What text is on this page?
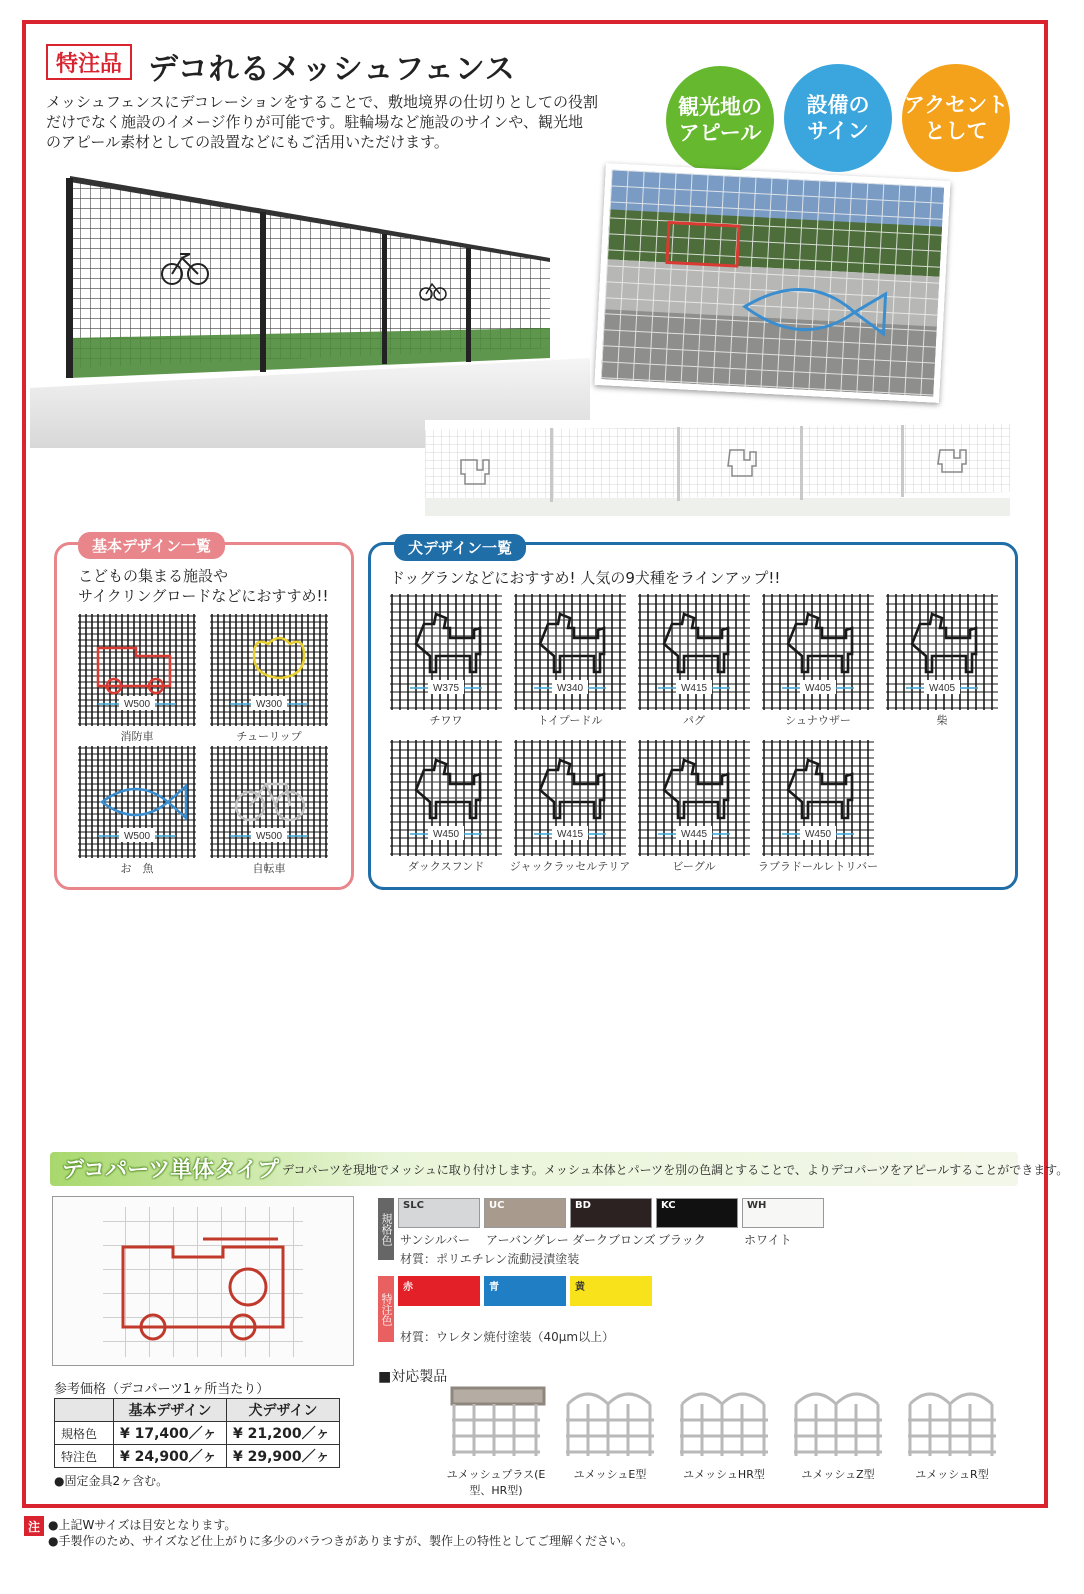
特注品 デコれるメッシュフェンス
メッシュフェンスにデコレーションをすることで、敷地境界の仕切りとしての役割
だけでなく施設のイメージ作りが可能です。駐輪場など施設のサインや、観光地
のアピール素材としての設置などにもご活用いただけます。
観光地の
アピール
設備の
サイン
アクセント
として
基本デザイン一覧
こどもの集まる施設や
サイクリングロードなどにおすすめ!!
W500
消防車
W300
チューリップ
W500
お　魚
W500
自転車
犬デザイン一覧
ドッグランなどにおすすめ! 人気の9犬種をラインアップ!!
W375
チワワ
W340
トイプードル
W415
パグ
W405
シュナウザー
W405
柴
W450
ダックスフンド
W415
ジャックラッセルテリア
W445
ビーグル
W450
ラブラドールレトリバー
デコパーツ単体タイプ デコパーツを現地でメッシュに取り付けします。メッシュ本体とパーツを別の色調とすることで、よりデコパーツをアピールすることができます。
規格色
SLC
サンシルバー
UC
アーバングレー
BD
ダークブロンズ
KC
ブラック
WH
ホワイト
材質：ポリエチレン流動浸漬塗装
特注色
赤	青	黄
材質：ウレタン焼付塗装（40μm以上）
参考価格（デコパーツ1ヶ所当たり）
	基本デザイン	犬デザイン
規格色	¥ 17,400／ヶ	¥ 21,200／ヶ
特注色	¥ 24,900／ヶ	¥ 29,900／ヶ
●固定金具2ヶ含む。
■対応製品
ユメッシュプラス(E型、HR型)
ユメッシュE型	ユメッシュHR型	ユメッシュZ型	ユメッシュR型
注 ●上記Wサイズは目安となります。
●手製作のため、サイズなど仕上がりに多少のバラつきがありますが、製作上の特性としてご理解ください。
